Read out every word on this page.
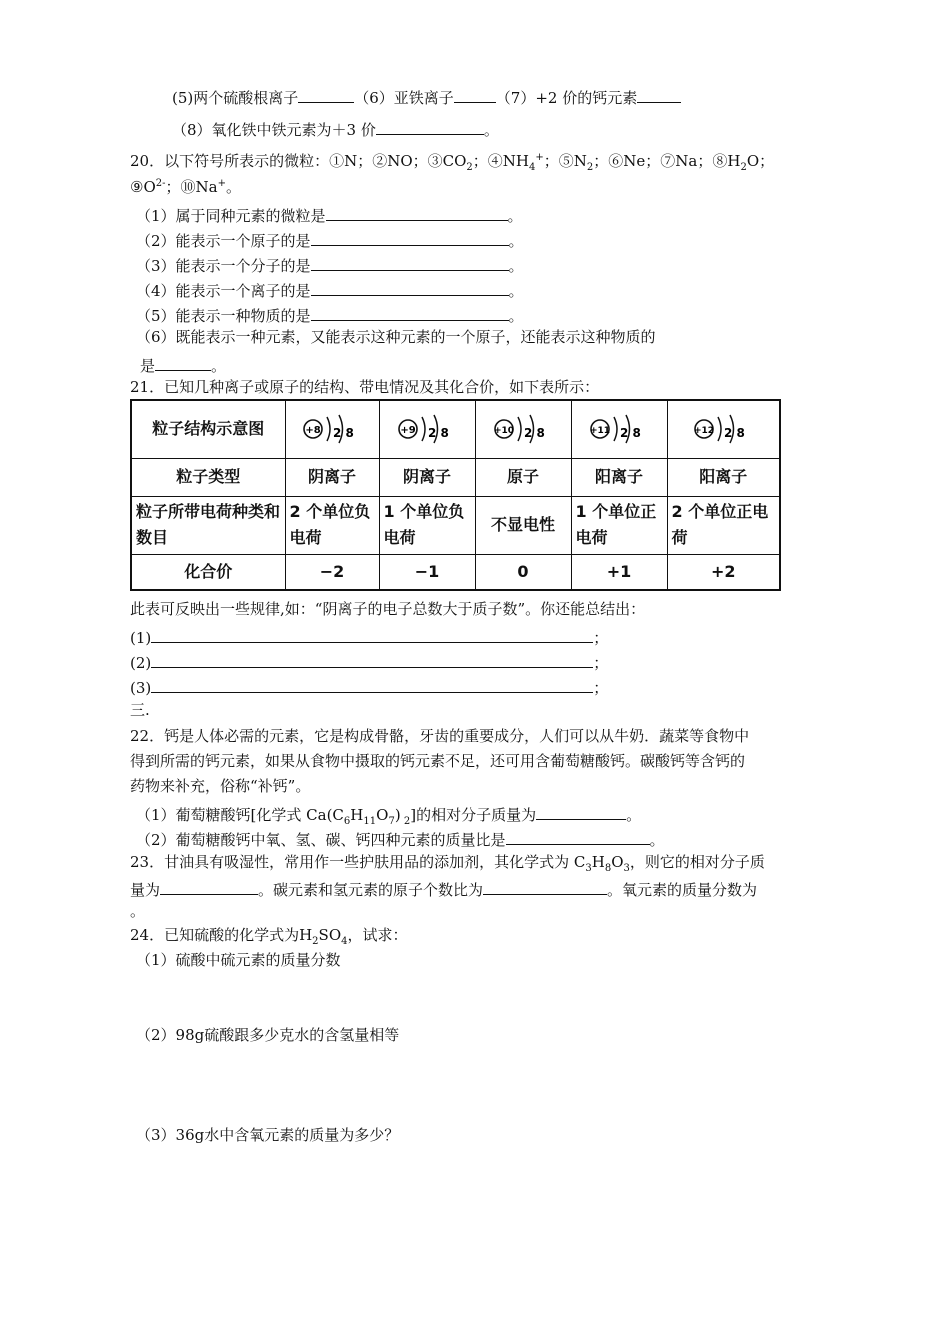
(5)两个硫酸根离子	（6）亚铁离子	（7）+2 价的钙元素
（8）氧化铁中铁元素为＋3 价	。
20．以下符号所表示的微粒：①N；②NO；$③CO_2$；$④NH_4^+$；$⑤N_2$；⑥Ne；⑦Na；$⑧H_2O$；
$⑨O^{2-}$；⑩Na+。
（1）属于同种元素的微粒是	。
（2）能表示一个原子的是	。
（3）能表示一个分子的是	。
（4）能表示一个离子的是	。
（5）能表示一种物质的是	。
（6）既能表示一种元素，又能表示这种元素的一个原子，还能表示这种物质的
是	。
21．已知几种离子或原子的结构、带电情况及其化合价，如下表所示：
粒子结构示意图	+8 2 8	+9 2 8	+10 2 8	+11 2 8	+12 2 8

粒子类型	阴离子	阴离子	原子	阳离子	阳离子
粒子所带电荷种类和数目	2 个单位负电荷	1 个单位负电荷	不显电性	1 个单位正电荷	2 个单位正电荷
化合价	−2	−1	0	+1	+2
此表可反映出一些规律,如：“阴离子的电子总数大于质子数”。你还能总结出：
(1)	；
(2)	；
(3)	；
三.
22．钙是人体必需的元素，它是构成骨骼，牙齿的重要成分，人们可以从牛奶．蔬菜等食物中
得到所需的钙元素，如果从食物中摄取的钙元素不足，还可用含葡萄糖酸钙。碳酸钙等含钙的
药物来补充，俗称“补钙”。
（1）葡萄糖酸钙[化学式 $Ca(C_6H_{11}O_7)$ $_2$]的相对分子质量为	。
（2）葡萄糖酸钙中氧、氢、碳、钙四种元素的质量比是	。
23．甘油具有吸湿性，常用作一些护肤用品的添加剂，其化学式为 $C_3H_8O_3$，则它的相对分子质
量为	。碳元素和氢元素的原子个数比为	。氧元素的质量分数为
。
24．已知硫酸的化学式为$H_2SO_4$，试求：
（1）硫酸中硫元素的质量分数
（2）98g硫酸跟多少克水的含氢量相等
（3）36g水中含氧元素的质量为多少？
